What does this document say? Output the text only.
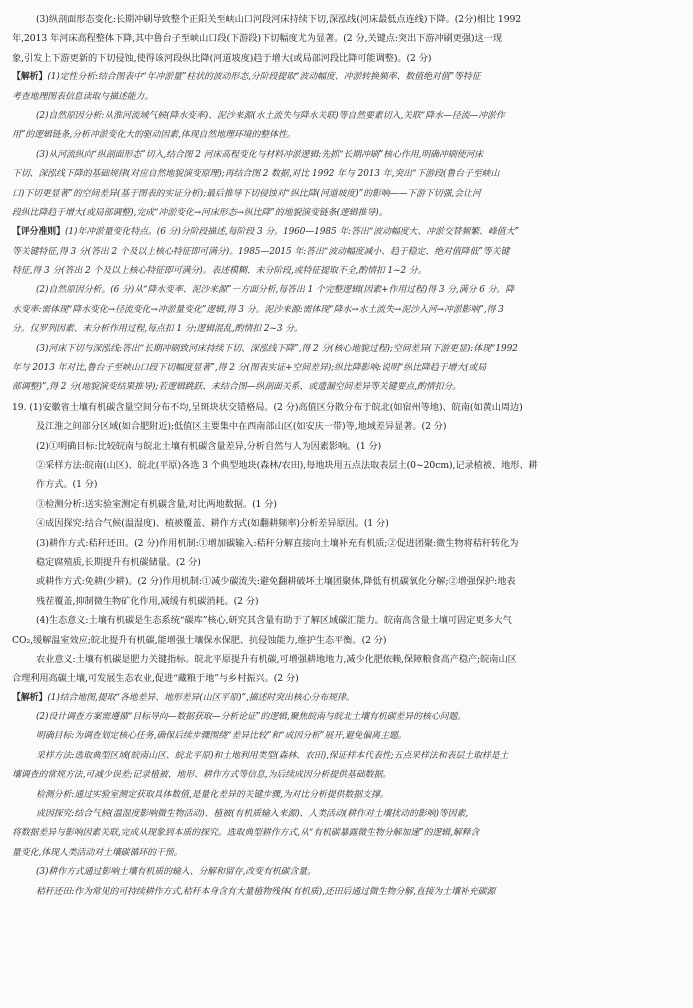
(3)纵剖面形态变化:长期冲刷导致整个正阳关至峡山口河段河床持续下切,深泓线(河床最低点连线)下降。(2分)相比 1992
年,2013 年河床高程整体下降,其中鲁台子至峡山口段(下游段)下切幅度尤为显著。(2 分,关键点:突出下游冲刷更强)这一现
象,引发上下游更新的下切侵蚀,使得该河段纵比降(河道坡度)趋于增大(或局部河段比降可能调整)。(2 分)
【解析】(1)定性分析:结合图表中“年冲淤量”柱状的波动形态,分阶段提取“波动幅度、冲淤转换频率、数值绝对值”等特征
考查地理图表信息读取与描述能力。
(2)自然原因分析:从淮河流域气候(降水变率)、泥沙来源(水土流失与降水关联)等自然要素切入,关联“降水—径流—冲淤作
用”的逻辑链条,分析冲淤变化大的驱动因素,体现自然地理环境的整体性。
(3)从河流纵向“纵剖面形态”切入,结合图 2 河床高程变化与材料冲淤逻辑:先抓“长期冲刷”核心作用,明确冲刷使河床
下切、深泓线下降的基础规律(对应自然地貌演变原理);再结合图 2 数据,对比 1992 年与 2013 年,突出“下游段(鲁台子至峡山
口)下切更显著”的空间差异(基于图表的实证分析);最后推导下切侵蚀对“纵比降(河道坡度)”的影响——下游下切强,会让河
段纵比降趋于增大(或局部调整),完成“冲淤变化→河床形态→纵比降”的地貌演变链条(逻辑推导)。
【评分准则】(1)年冲淤量变化特点。(6 分)分阶段描述,每阶段 3 分。1960—1985 年:答出“波动幅度大、冲淤交替频繁、峰值大”
等关键特征,得 3 分(答出 2 个及以上核心特征即可满分)。1985—2015 年:答出“波动幅度减小、趋于稳定、绝对值降低”等关键
特征,得 3 分(答出 2 个及以上核心特征即可满分)。表述模糊、未分阶段,或特征提取不全,酌情扣 1~2 分。
(2)自然原因分析。(6 分)从“降水变率、泥沙来源”一方面分析,每答出 1 个完整逻辑(因素+作用过程)得 3 分,满分 6 分。降
水变率:需体现“降水变化→径流变化→冲淤量变化”逻辑,得 3 分。泥沙来源:需体现“降水→水土流失→泥沙入河→冲淤影响”,得 3
分。仅罗列因素、未分析作用过程,每点扣 1 分;逻辑混乱,酌情扣 2~3 分。
(3)河床下切与深泓线:答出“长期冲刷致河床持续下切、深泓线下降”,得 2 分(核心地貌过程);空间差异(下游更显):体现“1992
年与 2013 年对比,鲁台子至峡山口段下切幅度显著”,得 2 分(图表实证+空间差异);纵比降影响:说明“纵比降趋于增大(或局
部调整)”,得 2 分(地貌演变结果推导);若逻辑跳跃、未结合图—纵剖面关系、或遗漏空间差异等关键要点,酌情扣分。
19. (1)安徽省土壤有机碳含量空间分布不均,呈斑块状交错格局。(2 分)高值区分散分布于皖北(如宿州等地)、皖南(如黄山周边)
及江淮之间部分区域(如合肥附近);低值区主要集中在西南部山区(如安庆一带)等,地域差异显著。(2 分)
(2)①明确目标:比较皖南与皖北土壤有机碳含量差异,分析自然与人为因素影响。(1 分)
②采样方法:皖南(山区)、皖北(平原)各选 3 个典型地块(森林/农田),每地块用五点法取表层土(0~20cm),记录植被、地形、耕
作方式。(1 分)
③检测分析:送实验室测定有机碳含量,对比两地数据。(1 分)
④成因探究:结合气候(温湿度)、植被覆盖、耕作方式(如翻耕频率)分析差异原因。(1 分)
(3)耕作方式:秸秆还田。(2 分)作用机制:①增加碳输入:秸秆分解直接向土壤补充有机质;②促进团聚:微生物将秸秆转化为
稳定腐殖质,长期提升有机碳储量。(2 分)
或耕作方式:免耕(少耕)。(2 分)作用机制:①减少碳流失:避免翻耕破坏土壤团聚体,降低有机碳氧化分解;②增强保护:地表
残茬覆盖,抑制微生物矿化作用,减缓有机碳消耗。(2 分)
(4)生态意义:土壤有机碳是生态系统“碳库”核心,研究其含量有助于了解区域碳汇能力。皖南高含量土壤可固定更多大气
CO₂,缓解温室效应;皖北提升有机碳,能增强土壤保水保肥、抗侵蚀能力,维护生态平衡。(2 分)
农业意义:土壤有机碳是肥力关键指标。皖北平原提升有机碳,可增强耕地地力,减少化肥依赖,保障粮食高产稳产;皖南山区
合理利用高碳土壤,可发展生态农业,促进“藏粮于地”与乡村振兴。(2 分)
【解析】(1)结合地图,提取“各地差异、地形差异(山区平原)”,描述时突出核心分布规律。
(2)设计调查方案需遵循“目标导向—数据获取—分析论证”的逻辑,聚焦皖南与皖北土壤有机碳差异的核心问题。
明确目标:为调查划定核心任务,确保后续步骤围绕“差异比较”和“成因分析”展开,避免偏离主题。
采样方法:选取典型区域(皖南山区、皖北平原)和土地利用类型(森林、农田),保证样本代表性;五点采样法和表层土取样是土
壤调查的常规方法,可减少误差;记录植被、地形、耕作方式等信息,为后续成因分析提供基础数据。
检测分析:通过实验室测定获取具体数值,是量化差异的关键步骤,为对比分析提供数据支撑。
成因探究:结合气候(温湿度影响微生物活动)、植被(有机质输入来源)、人类活动(耕作对土壤扰动的影响)等因素,
将数据差异与影响因素关联,完成从现象到本质的探究。选取典型耕作方式,从“有机碳暴露微生物分解加速”的逻辑,解释含
量变化,体现人类活动对土壤碳循环的干预。
(3)耕作方式通过影响土壤有机质的输入、分解和留存,改变有机碳含量。
秸秆还田:作为常见的可持续耕作方式,秸秆本身含有大量植物残体(有机质),还田后通过微生物分解,直接为土壤补充碳源
